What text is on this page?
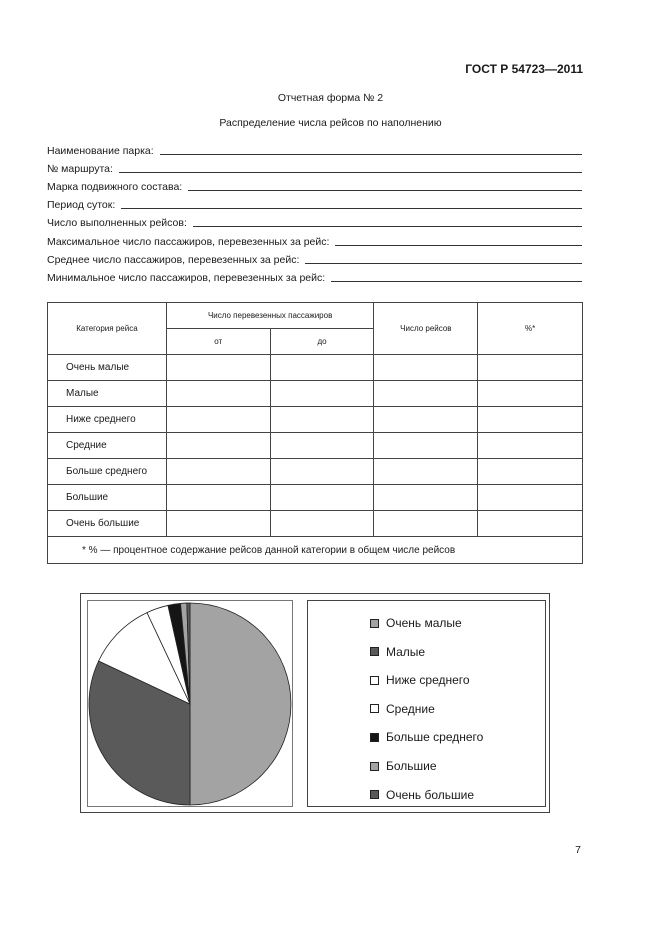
ГОСТ Р 54723—2011
Отчетная форма № 2
Распределение числа рейсов по наполнению
Наименование парка:
№ маршрута:
Марка подвижного состава:
Период суток:
Число выполненных рейсов:
Максимальное число пассажиров, перевезенных за рейс:
Среднее число пассажиров, перевезенных за рейс:
Минимальное число пассажиров, перевезенных за рейс:
Категория рейса	Число перевезенных пассажиров		Число рейсов	%*
	от	до		
Очень малые				
Малые				
Ниже среднего				
Средние				
Больше среднего				
Большие				
Очень большие				
* % — процентное содержание рейсов данной категории в общем числе рейсов				
Очень малые
Малые
Ниже среднего
Средние
Больше среднего
Большие
Очень большие
7
